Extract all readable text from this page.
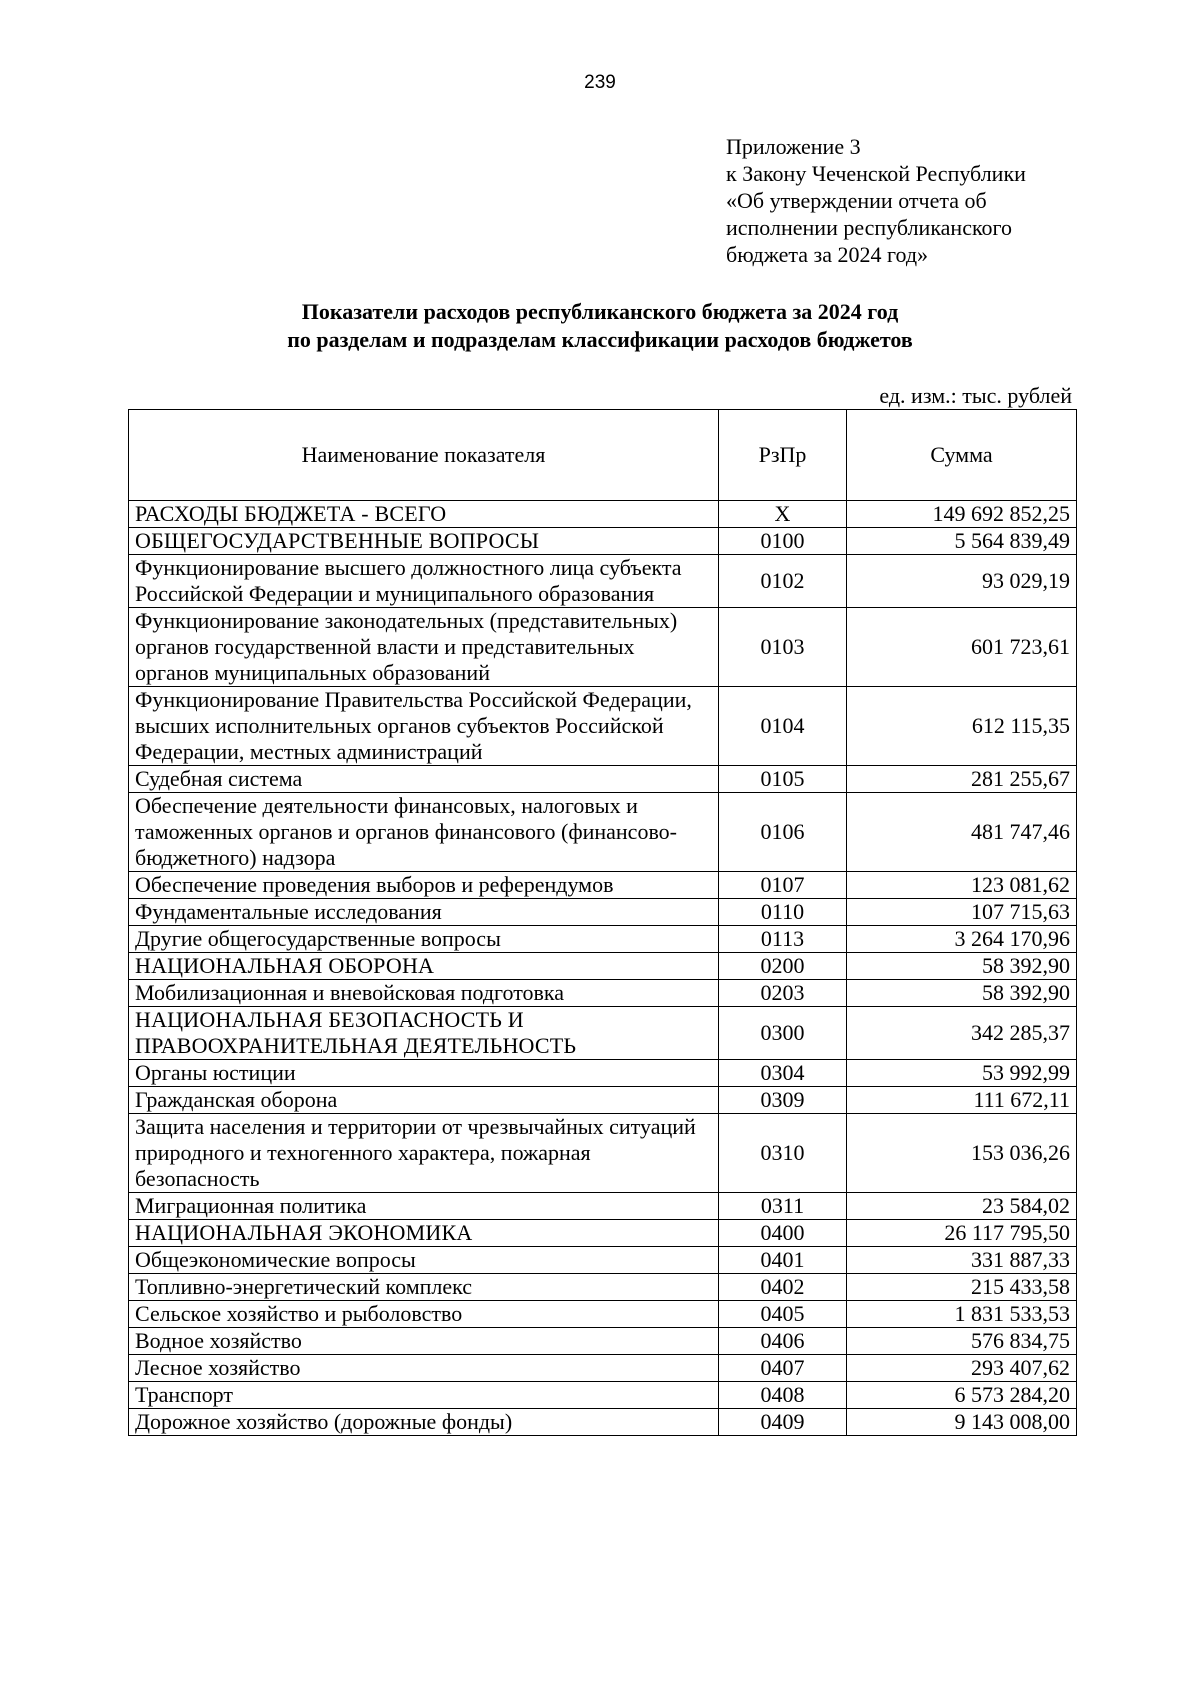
239
Приложение 3
к Закону Чеченской Республики
«Об утверждении отчета об
исполнении республиканского
бюджета за 2024 год»
Показатели расходов республиканского бюджета за 2024 год
по разделам и подразделам классификации расходов бюджетов
ед. изм.: тыс. рублей
Наименование показателя	РзПр	Сумма
РАСХОДЫ БЮДЖЕТА - ВСЕГО	Х	149 692 852,25
ОБЩЕГОСУДАРСТВЕННЫЕ ВОПРОСЫ	0100	5 564 839,49
Функционирование высшего должностного лица субъекта Российской Федерации и муниципального образования	0102	93 029,19
Функционирование законодательных (представительных) органов государственной власти и представительных органов муниципальных образований	0103	601 723,61
Функционирование Правительства Российской Федерации, высших исполнительных органов субъектов Российской Федерации, местных администраций	0104	612 115,35
Судебная система	0105	281 255,67
Обеспечение деятельности финансовых, налоговых и таможенных органов и органов финансового (финансово-бюджетного) надзора	0106	481 747,46
Обеспечение проведения выборов и референдумов	0107	123 081,62
Фундаментальные исследования	0110	107 715,63
Другие общегосударственные вопросы	0113	3 264 170,96
НАЦИОНАЛЬНАЯ ОБОРОНА	0200	58 392,90
Мобилизационная и вневойсковая подготовка	0203	58 392,90
НАЦИОНАЛЬНАЯ БЕЗОПАСНОСТЬ И ПРАВООХРАНИТЕЛЬНАЯ ДЕЯТЕЛЬНОСТЬ	0300	342 285,37
Органы юстиции	0304	53 992,99
Гражданская оборона	0309	111 672,11
Защита населения и территории от чрезвычайных ситуаций природного и техногенного характера, пожарная безопасность	0310	153 036,26
Миграционная политика	0311	23 584,02
НАЦИОНАЛЬНАЯ ЭКОНОМИКА	0400	26 117 795,50
Общеэкономические вопросы	0401	331 887,33
Топливно-энергетический комплекс	0402	215 433,58
Сельское хозяйство и рыболовство	0405	1 831 533,53
Водное хозяйство	0406	576 834,75
Лесное хозяйство	0407	293 407,62
Транспорт	0408	6 573 284,20
Дорожное хозяйство (дорожные фонды)	0409	9 143 008,00
